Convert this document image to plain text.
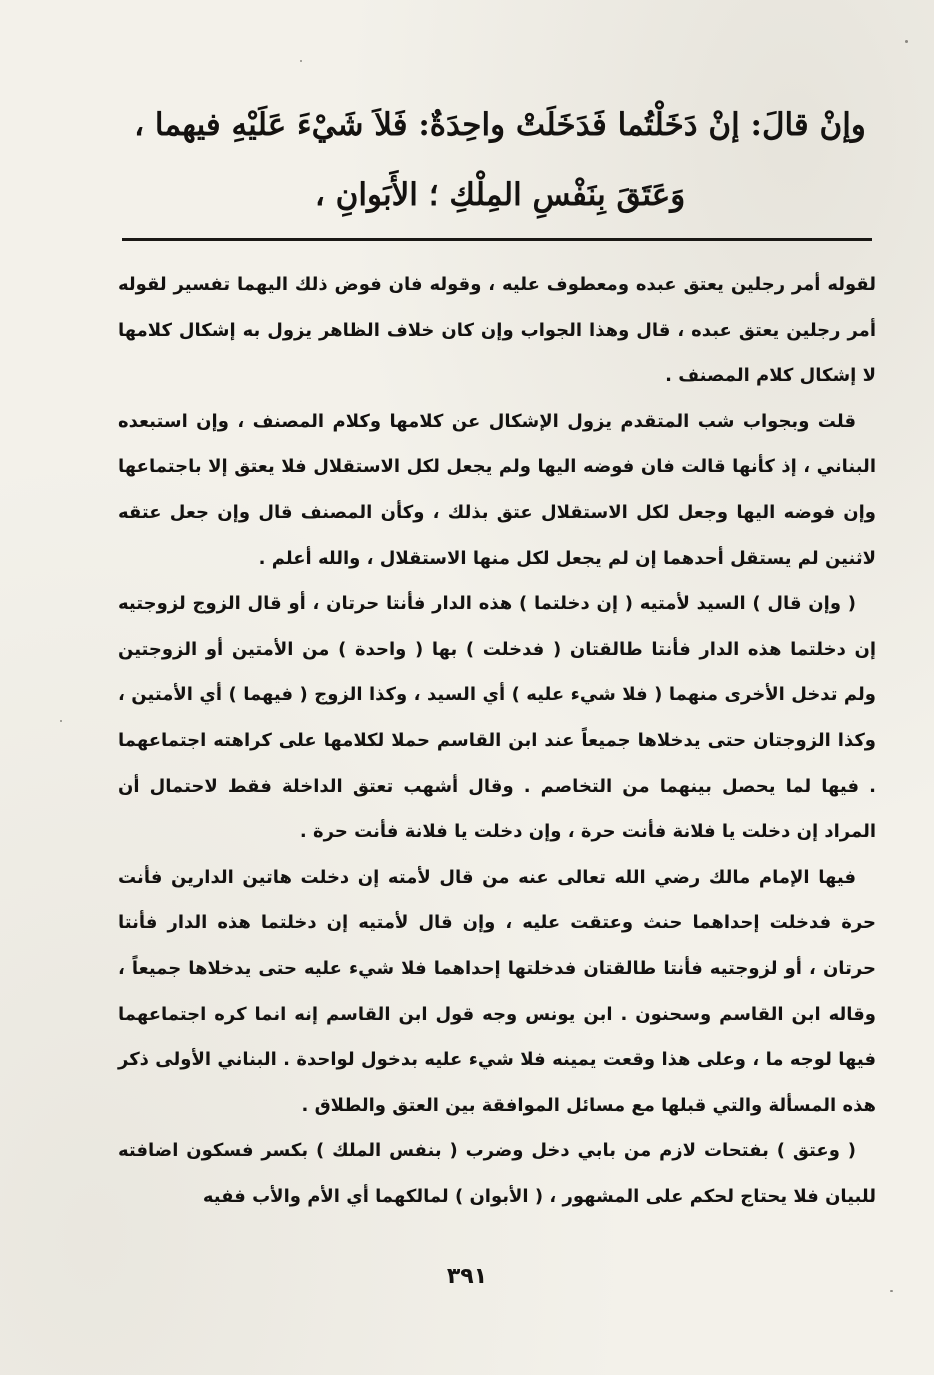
وإنْ قالَ: إنْ دَخَلْتُما فَدَخَلَتْ واحِدَةٌ: فَلاَ شَيْءَ عَلَيْهِ فيهما ،
وَعَتَقَ بِنَفْسِ المِلْكِ ؛ الأَبَوانِ ،

لقوله أمر رجلين يعتق عبده ومعطوف عليه ، وقوله فان فوض ذلك اليهما تفسير لقوله أمر رجلين يعتق عبده ، قال وهذا الجواب وإن كان خلاف الظاهر يزول به إشكال كلامها لا إشكال كلام المصنف .

قلت وبجواب شب المتقدم يزول الإشكال عن كلامها وكلام المصنف ، وإن استبعده البناني ، إذ كأنها قالت فان فوضه اليها ولم يجعل لكل الاستقلال فلا يعتق إلا باجتماعها وإن فوضه اليها وجعل لكل الاستقلال عتق بذلك ، وكأن المصنف قال وإن جعل عتقه لاثنين لم يستقل أحدهما إن لم يجعل لكل منها الاستقلال ، والله أعلم .

( وإن قال ) السيد لأمتيه ( إن دخلتما ) هذه الدار فأنتا حرتان ، أو قال الزوج لزوجتيه إن دخلتما هذه الدار فأنتا طالقتان ( فدخلت ) بها ( واحدة ) من الأمتين أو الزوجتين ولم تدخل الأخرى منهما ( فلا شيء عليه ) أي السيد ، وكذا الزوج ( فيهما ) أي الأمتين ، وكذا الزوجتان حتى يدخلاها جميعاً عند ابن القاسم حملا لكلامها على كراهته اجتماعهما . فيها لما يحصل بينهما من التخاصم . وقال أشهب تعتق الداخلة فقط لاحتمال أن المراد إن دخلت يا فلانة فأنت حرة ، وإن دخلت يا فلانة فأنت حرة .

فيها الإمام مالك رضي الله تعالى عنه من قال لأمته إن دخلت هاتين الدارين فأنت حرة فدخلت إحداهما حنث وعتقت عليه ، وإن قال لأمتيه إن دخلتما هذه الدار فأنتا حرتان ، أو لزوجتيه فأنتا طالقتان فدخلتها إحداهما فلا شيء عليه حتى يدخلاها جميعاً ، وقاله ابن القاسم وسحنون . ابن يونس وجه قول ابن القاسم إنه انما كره اجتماعهما فيها لوجه ما ، وعلى هذا وقعت يمينه فلا شيء عليه بدخول لواحدة . البناني الأولى ذكر هذه المسألة والتي قبلها مع مسائل الموافقة بين العتق والطلاق .

( وعتق ) بفتحات لازم من بابي دخل وضرب ( بنفس الملك ) بكسر فسكون اضافته للبيان فلا يحتاج لحكم على المشهور ، ( الأبوان ) لمالكهما أي الأم والأب ففيه

٣٩١
